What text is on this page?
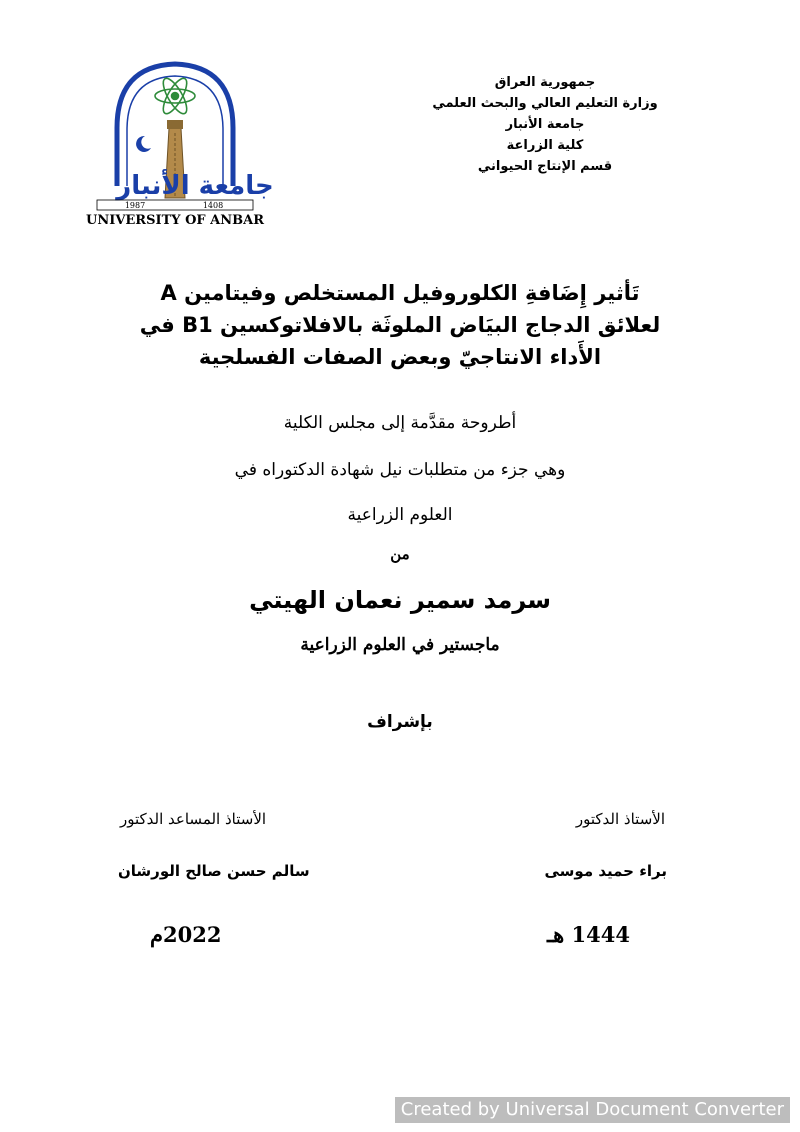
جمهورية العراق
وزارة التعليم العالي والبحث العلمي
جامعة الأنبار
كلية الزراعة
قسم الإنتاج الحيواني
جامعة الأنبار
1987	1408
UNIVERSITY OF ANBAR
تَأثير إِضَافةِ الكلوروفيل المستخلص وفيتامين A
لعلائق الدجاج البيَاض الملوثَة بالافلاتوكسين B1 في
الأَداء الانتاجيّ وبعض الصفات الفسلجية
أطروحة مقدَّمة إلى مجلس الكلية
وهي جزء من متطلبات نيل شهادة الدكتوراه في
العلوم الزراعية
من
سرمد سمير نعمان الهيتي
ماجستير في العلوم الزراعية
بإشراف
الأستاذ الدكتور
الأستاذ المساعد الدكتور
براء حميد موسى
سالم حسن صالح الورشان
1444 هـ
2022م
Created by Universal Document Converter
